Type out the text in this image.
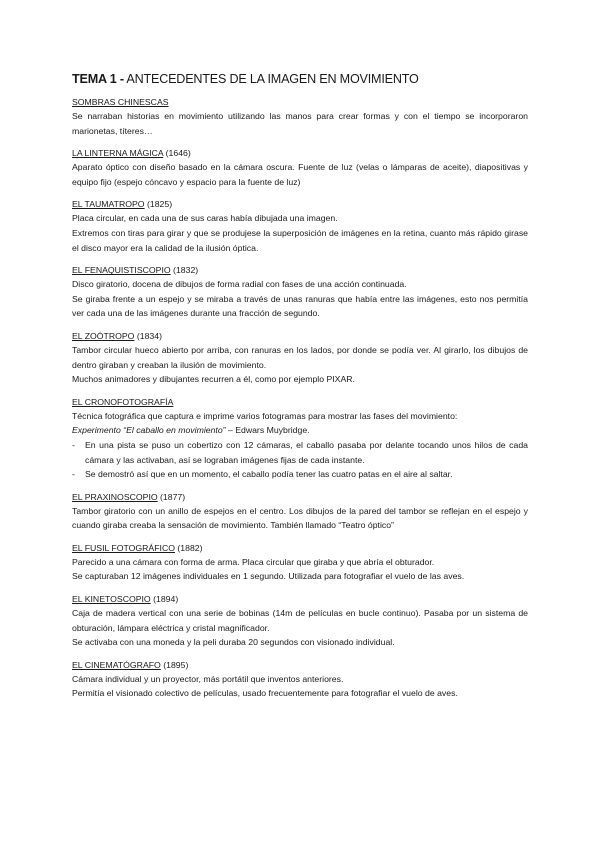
TEMA 1 - ANTECEDENTES DE LA IMAGEN EN MOVIMIENTO

SOMBRAS CHINESCAS

Se narraban historias en movimiento utilizando las manos para crear formas y con el tiempo se incorporaron marionetas, títeres…

LA LINTERNA MÁGICA (1646)

Aparato óptico con diseño basado en la cámara oscura. Fuente de luz (velas o lámparas de aceite), diapositivas y equipo fijo (espejo cóncavo y espacio para la fuente de luz)

EL TAUMATROPO (1825)

Placa circular, en cada una de sus caras había dibujada una imagen.

Extremos con tiras para girar y que se produjese la superposición de imágenes en la retina, cuanto más rápido girase el disco mayor era la calidad de la ilusión óptica.

EL FENAQUISTISCOPIO (1832)

Disco giratorio, docena de dibujos de forma radial con fases de una acción continuada.

Se giraba frente a un espejo y se miraba a través de unas ranuras que había entre las imágenes, esto nos permitía ver cada una de las imágenes durante una fracción de segundo.

EL ZOÓTROPO (1834)

Tambor circular hueco abierto por arriba, con ranuras en los lados, por donde se podía ver. Al girarlo, los dibujos de dentro giraban y creaban la ilusión de movimiento.

Muchos animadores y dibujantes recurren a él, como por ejemplo PIXAR.

EL CRONOFOTOGRAFÍA

Técnica fotográfica que captura e imprime varios fotogramas para mostrar las fases del movimiento:

Experimento “El caballo en movimiento” – Edwars Muybridge.

-	En una pista se puso un cobertizo con 12 cámaras, el caballo pasaba por delante tocando unos hilos de cada cámara y las activaban, así se lograban imágenes fijas de cada instante.
-	Se demostró así que en un momento, el caballo podía tener las cuatro patas en el aire al saltar.

EL PRAXINOSCOPIO (1877)

Tambor giratorio con un anillo de espejos en el centro. Los dibujos de la pared del tambor se reflejan en el espejo y cuando giraba creaba la sensación de movimiento. También llamado “Teatro óptico”

EL FUSIL FOTOGRÁFICO (1882)

Parecido a una cámara con forma de arma. Placa circular que giraba y que abría el obturador.

Se capturaban 12 imágenes individuales en 1 segundo. Utilizada para fotografiar el vuelo de las aves.

EL KINETOSCOPIO (1894)

Caja de madera vertical con una serie de bobinas (14m de películas en bucle continuo). Pasaba por un sistema de obturación, lámpara eléctrica y cristal magnificador.

Se activaba con una moneda y la peli duraba 20 segundos con visionado individual.

EL CINEMATÓGRAFO (1895)

Cámara individual y un proyector, más portátil que inventos anteriores.

Permitía el visionado colectivo de películas, usado frecuentemente para fotografiar el vuelo de aves.
